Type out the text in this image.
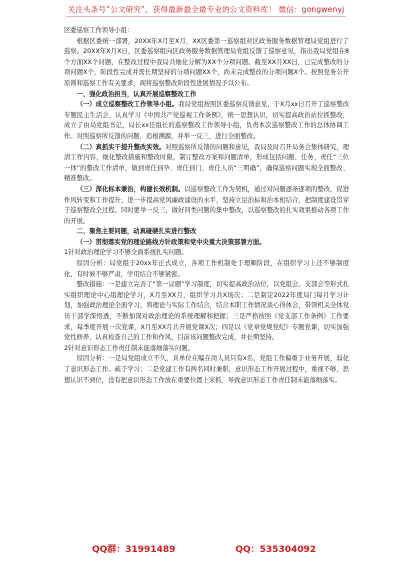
关注头条号“公文研究”，获得最新最全最专业的公文资料库！ 微信：gongwenyj

区委巡察工作领导小组：

根据区委统一部署，20XX年X月至X月，XX区委第一巡察组对区政务服务数据管理局党组进行了巡察。20XX年X月X日，区委巡察组向区政务服务数据管理局党组反馈了巡察意见，指出我局党组在8个方面XX个问题，在整改过程中我局共细化分解为XX个分项问题。截至XX月XX日，已完成整改的分项问题X个，阶段性完成并需长期坚持的分项问题XX个，尚未完成整改的分项问题X个。按照党务公开原则和巡察工作有关要求，现将巡察整改阶段性进展情况予以公布。

一、强化政治担当，认真开展巡察整改工作

（一）成立巡察整改工作领导小组。我局党组按照区委巡察反馈意见，于X月xx日召开了巡察整改专题民主生活会，认真学习《中国共产党巡视工作条例》，统一思想认识，切实提高政治站位抓整改，成立了由局党组书记、局长xx任组长的巡察整改工作领导小组，负责本次巡察整改工作的总体协调工作。对照巡察所反馈的问题，追根溯源，并举一反三，进行全面整改。

（二）真抓实干提升整改实效。对照巡察所反馈的问题和意见，我局及时召开局务会集体研究，理清工作内容，细化整改措施和整改时限，制订整改方案和问题清单，形成包括问题、任务、责任“三位一体”的整改工作清单，做到责任到孕、责任到门、责任人员“三明确”，确保巡察问题实现全面整改、精准整改。

（三）深化标本兼治，构建长效机制。以巡察整改工作为契机，通过对问题逐条逐项的整改，促进作风转变和工作提升，进一步提高党风廉政建设的水平，坚持立足治标和治本相结合，把制度建设贯穿于巡察整改全过程。同时要举一反三，做好同类问题的集中整改，以巡察整改的扎实效果推动各项工作的开展。

二、聚焦主要问题，动真碰硬扎实进行整改

（一）贯彻落实党的理论路线方针政策和党中央重大决策部署方面。

1针对政治理论学习不够全面系统扎实问题。

原因分析：局党组于20xx年正式成立，各项工作机制处于理顺阶段，在组织学习上还不够制度化，有时候不够严肃，学用结合不够紧密。

整改措施：一是建立完善了“第一议题”学习制度，切实提高政治站位，以党组会、支部会等形式扎实组织理论中心组理论学习，X月至XX月，组织学习共X场次；二是制定2022年度局门每月学习计划，加强政治理论全面学习，将理论与实际工作结合，结合本职工作情况谈心得体会，带领机关全体党员干部学深悟透，不断加深对政治理论的系统理解和把握；三是严格按照《党支部工作条例》工作要求，每季度开展一次党课，X月至XX月共开展党课X次；四是以《党章党规党纪》专题党课，切实加强党性修养，认真检查自己的工作和作风，目前该问题整改完成，并长期坚持。

2针对意识形态工作责任制未能落细落实问题。

原因分析：一是局党组成立不久，具单位在编在岗人员只有x名，党组工作偏重于业务开展，弱化了意识形态工作。疏于学习；二是党建工作有两名同时兼职，意识形态工作开展过程中，重视不够，思想认识不到位，没有把意识形态工作放在重要位置上来抓，导致意识形态工作责任制未能落细落实。

QQ群：31991489	QQ：535304092
